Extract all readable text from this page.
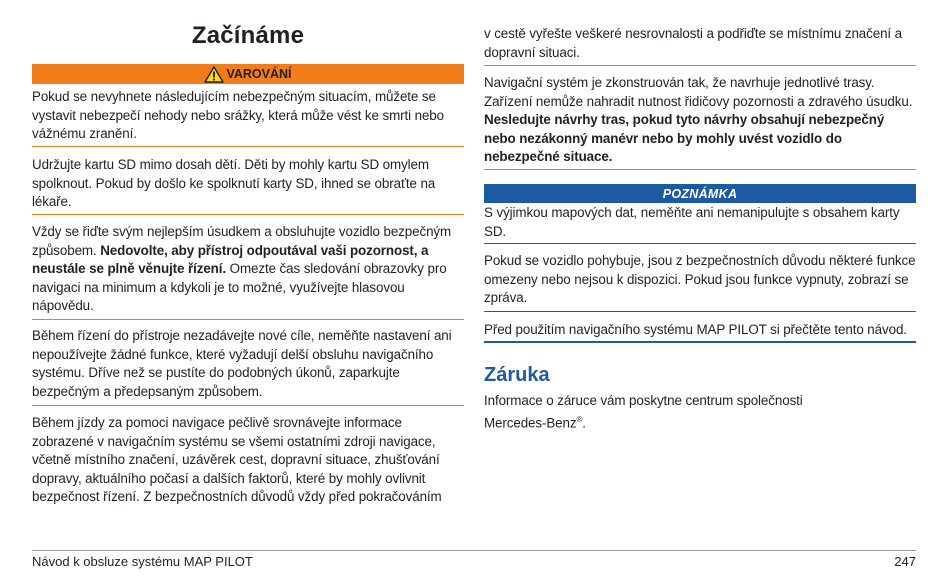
Začínáme
VAROVÁNÍ

Pokud se nevyhnete následujícím nebezpečným situacím, můžete se vystavit nebezpečí nehody nebo srážky, která může vést ke smrti nebo vážnému zranění.

Udržujte kartu SD mimo dosah dětí. Děti by mohly kartu SD omylem spolknout. Pokud by došlo ke spolknutí karty SD, ihned se obraťte na lékaře.

Vždy se řiďte svým nejlepším úsudkem a obsluhujte vozidlo bezpečným způsobem. Nedovolte, aby přístroj odpoutával vaši pozornost, a neustále se plně věnujte řízení. Omezte čas sledování obrazovky pro navigaci na minimum a kdykoli je to možné, využívejte hlasovou nápovědu.

Během řízení do přístroje nezadávejte nové cíle, neměňte nastavení ani nepoužívejte žádné funkce, které vyžadují delší obsluhu navigačního systému. Dříve než se pustíte do podobných úkonů, zaparkujte bezpečným a předepsaným způsobem.

Během jízdy za pomoci navigace pečlivě srovnávejte informace zobrazené v navigačním systému se všemi ostatními zdroji navigace, včetně místního značení, uzávěrek cest, dopravní situace, zhušťování dopravy, aktuálního počasí a dalších faktorů, které by mohly ovlivnit bezpečnost řízení. Z bezpečnostních důvodů vždy před pokračováním

v cestě vyřešte veškeré nesrovnalosti a podřiďte se místnímu značení a dopravní situaci.

Navigační systém je zkonstruován tak, že navrhuje jednotlivé trasy. Zařízení nemůže nahradit nutnost řidičovy pozornosti a zdravého úsudku. Nesledujte návrhy tras, pokud tyto návrhy obsahují nebezpečný nebo nezákonný manévr nebo by mohly uvést vozidlo do nebezpečné situace.

POZNÁMKA

S výjimkou mapových dat, neměňte ani nemanipulujte s obsahem karty SD.

Pokud se vozidlo pohybuje, jsou z bezpečnostních důvodu některé funkce omezeny nebo nejsou k dispozici. Pokud jsou funkce vypnuty, zobrazí se zpráva.

Před použitím navigačního systému MAP PILOT si přečtěte tento návod.

Záruka

Informace o záruce vám poskytne centrum společnosti Mercedes-Benz®.

Návod k obsluze systému MAP PILOT	247
